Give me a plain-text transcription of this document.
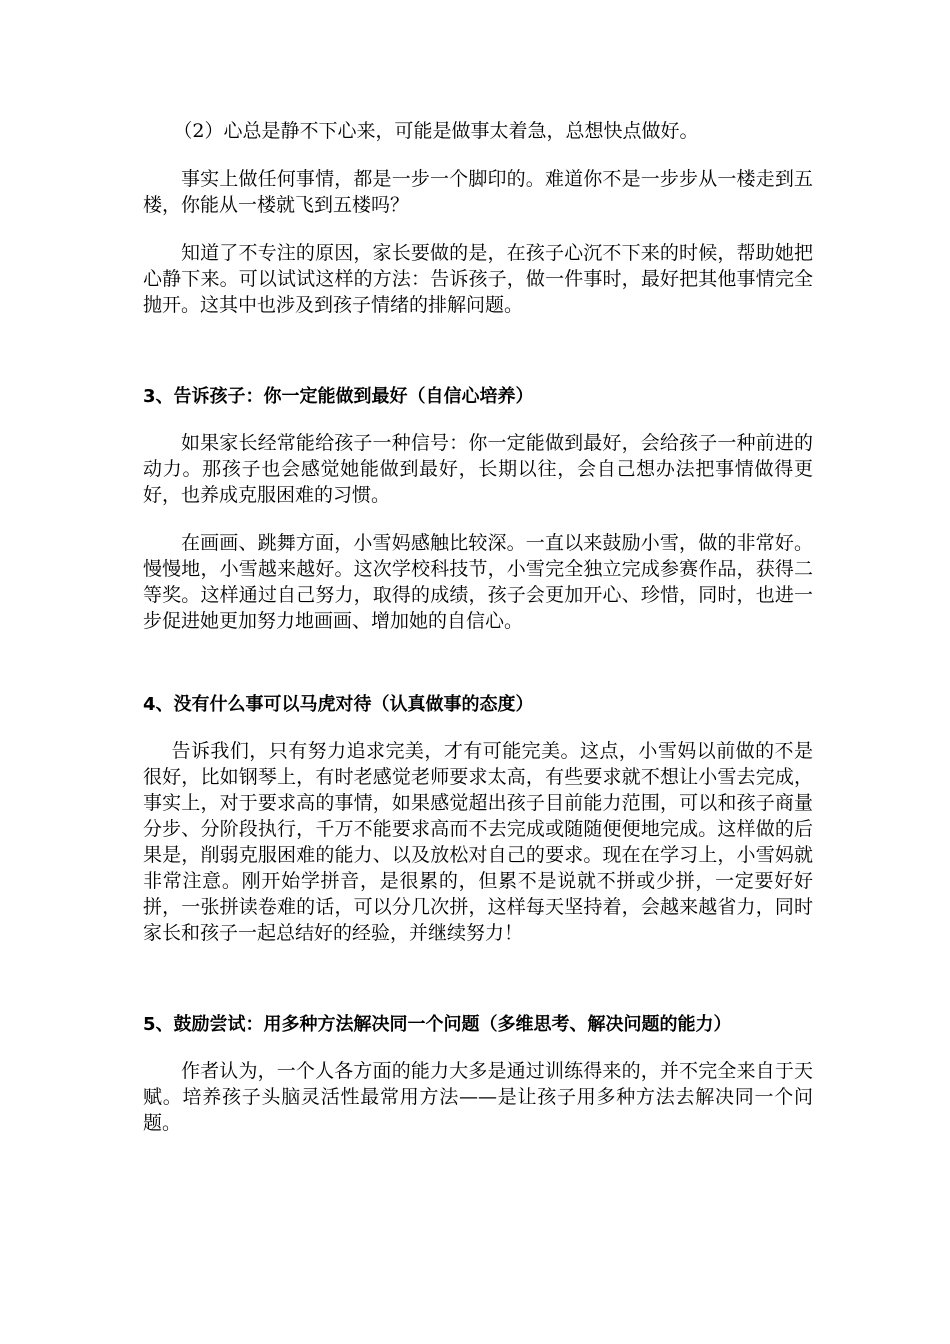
（2）心总是静不下心来，可能是做事太着急，总想快点做好。

事实上做任何事情，都是一步一个脚印的。难道你不是一步步从一楼走到五楼，你能从一楼就飞到五楼吗？

知道了不专注的原因，家长要做的是，在孩子心沉不下来的时候，帮助她把心静下来。可以试试这样的方法：告诉孩子，做一件事时，最好把其他事情完全抛开。这其中也涉及到孩子情绪的排解问题。

3、告诉孩子：你一定能做到最好（自信心培养）

如果家长经常能给孩子一种信号：你一定能做到最好，会给孩子一种前进的动力。那孩子也会感觉她能做到最好，长期以往，会自己想办法把事情做得更好，也养成克服困难的习惯。

在画画、跳舞方面，小雪妈感触比较深。一直以来鼓励小雪，做的非常好。慢慢地，小雪越来越好。这次学校科技节，小雪完全独立完成参赛作品，获得二等奖。这样通过自己努力，取得的成绩，孩子会更加开心、珍惜，同时，也进一步促进她更加努力地画画、增加她的自信心。

4、没有什么事可以马虎对待（认真做事的态度）

告诉我们，只有努力追求完美，才有可能完美。这点，小雪妈以前做的不是很好，比如钢琴上，有时老感觉老师要求太高，有些要求就不想让小雪去完成，事实上，对于要求高的事情，如果感觉超出孩子目前能力范围，可以和孩子商量分步、分阶段执行，千万不能要求高而不去完成或随随便便地完成。这样做的后果是，削弱克服困难的能力、以及放松对自己的要求。现在在学习上，小雪妈就非常注意。刚开始学拼音，是很累的，但累不是说就不拼或少拼，一定要好好拼，一张拼读卷难的话，可以分几次拼，这样每天坚持着，会越来越省力，同时家长和孩子一起总结好的经验，并继续努力！

5、鼓励尝试：用多种方法解决同一个问题（多维思考、解决问题的能力）

作者认为，一个人各方面的能力大多是通过训练得来的，并不完全来自于天赋。培养孩子头脑灵活性最常用方法——是让孩子用多种方法去解决同一个问题。
